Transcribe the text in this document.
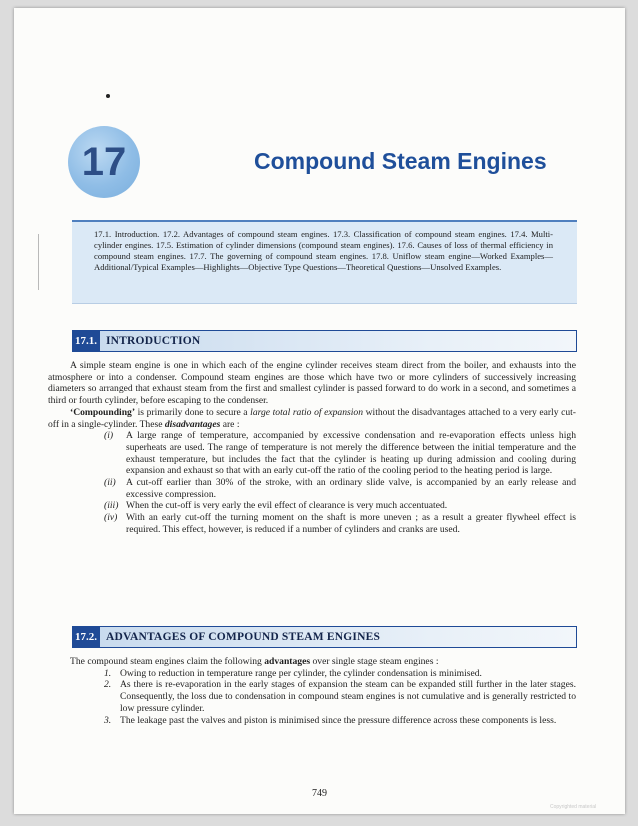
17	Compound Steam Engines
17.1. Introduction. 17.2. Advantages of compound steam engines. 17.3. Classification of compound steam engines. 17.4. Multi-cylinder engines. 17.5. Estimation of cylinder dimensions (compound steam engines). 17.6. Causes of loss of thermal efficiency in compound steam engines. 17.7. The governing of compound steam engines. 17.8. Uniflow steam engine—Worked Examples—Additional/Typical Examples—Highlights—Objective Type Questions—Theoretical Questions—Unsolved Examples.
17.1. INTRODUCTION

A simple steam engine is one in which each of the engine cylinder receives steam direct from the boiler, and exhausts into the atmosphere or into a condenser. Compound steam engines are those which have two or more cylinders of successively increasing diameters so arranged that exhaust steam from the first and smallest cylinder is passed forward to do work in a second, and sometimes a third or fourth cylinder, before escaping to the condenser.

‘Compounding’ is primarily done to secure a large total ratio of expansion without the disadvantages attached to a very early cut-off in a single-cylinder. These disadvantages are :

(i) A large range of temperature, accompanied by excessive condensation and re-evaporation effects unless high superheats are used. The range of temperature is not merely the difference between the initial temperature and the exhaust temperature, but includes the fact that the cylinder is heating up during admission and cooling during expansion and exhaust so that with an early cut-off the ratio of the cooling period to the heating period is large.
(ii) A cut-off earlier than 30% of the stroke, with an ordinary slide valve, is accompanied by an early release and excessive compression.
(iii) When the cut-off is very early the evil effect of clearance is very much accentuated.
(iv) With an early cut-off the turning moment on the shaft is more uneven ; as a result a greater flywheel effect is required. This effect, however, is reduced if a number of cylinders and cranks are used.
17.2. ADVANTAGES OF COMPOUND STEAM ENGINES

The compound steam engines claim the following advantages over single stage steam engines :

1. Owing to reduction in temperature range per cylinder, the cylinder condensation is minimised.
2. As there is re-evaporation in the early stages of expansion the steam can be expanded still further in the later stages. Consequently, the loss due to condensation in compound steam engines is not cumulative and is generally restricted to low pressure cylinder.
3. The leakage past the valves and piston is minimised since the pressure difference across these components is less.
749
Copyrighted material
